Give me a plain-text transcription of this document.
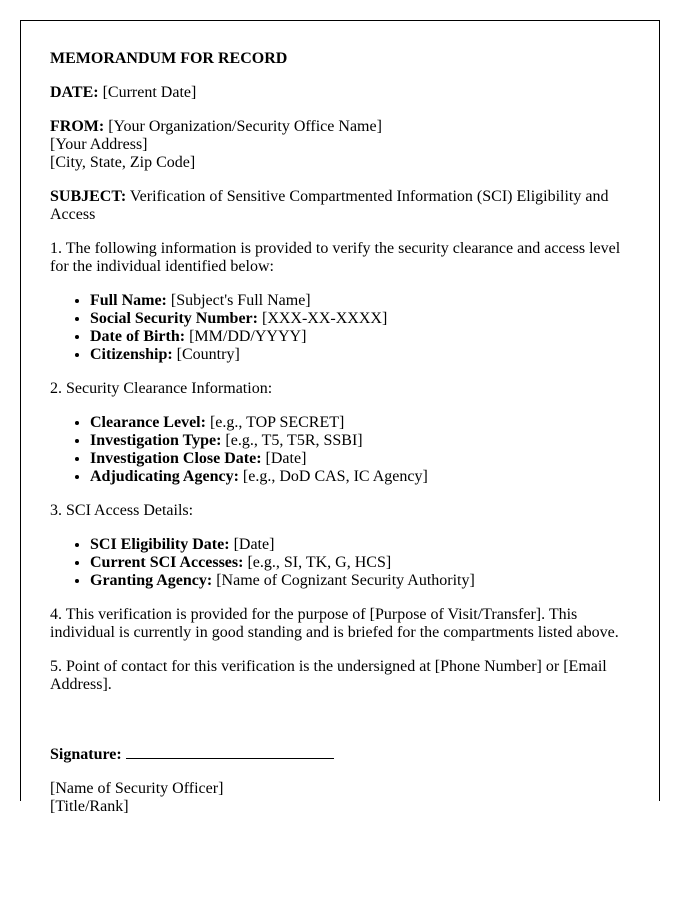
MEMORANDUM FOR RECORD
DATE: [Current Date]
FROM: [Your Organization/Security Office Name]
[Your Address]
[City, State, Zip Code]
SUBJECT: Verification of Sensitive Compartmented Information (SCI) Eligibility and Access
1. The following information is provided to verify the security clearance and access level for the individual identified below:
• Full Name: [Subject's Full Name]
• Social Security Number: [XXX-XX-XXXX]
• Date of Birth: [MM/DD/YYYY]
• Citizenship: [Country]
2. Security Clearance Information:
• Clearance Level: [e.g., TOP SECRET]
• Investigation Type: [e.g., T5, T5R, SSBI]
• Investigation Close Date: [Date]
• Adjudicating Agency: [e.g., DoD CAS, IC Agency]
3. SCI Access Details:
• SCI Eligibility Date: [Date]
• Current SCI Accesses: [e.g., SI, TK, G, HCS]
• Granting Agency: [Name of Cognizant Security Authority]
4. This verification is provided for the purpose of [Purpose of Visit/Transfer]. This individual is currently in good standing and is briefed for the compartments listed above.
5. Point of contact for this verification is the undersigned at [Phone Number] or [Email Address].
Signature:
[Name of Security Officer]
[Title/Rank]
